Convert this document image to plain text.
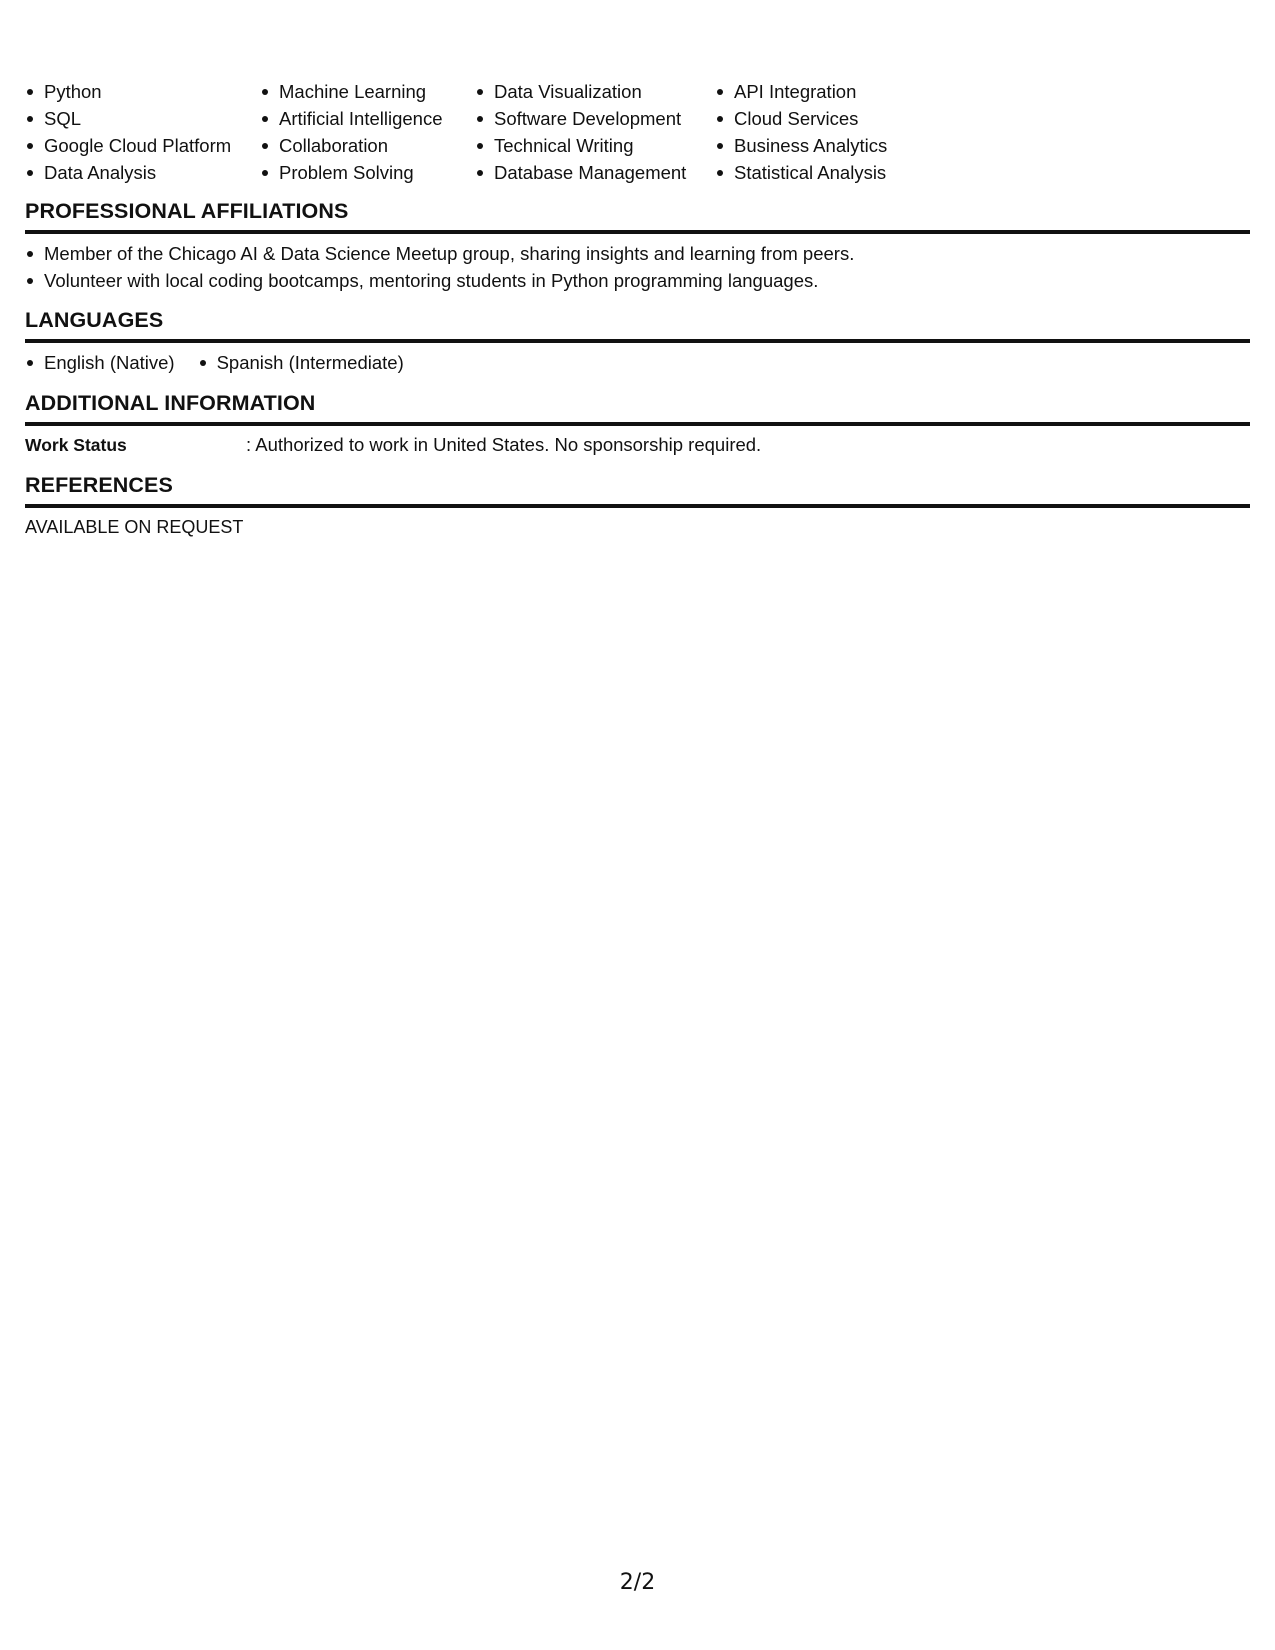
Python
SQL
Google Cloud Platform
Data Analysis
Machine Learning
Artificial Intelligence
Collaboration
Problem Solving
Data Visualization
Software Development
Technical Writing
Database Management
API Integration
Cloud Services
Business Analytics
Statistical Analysis
PROFESSIONAL AFFILIATIONS
Member of the Chicago AI & Data Science Meetup group, sharing insights and learning from peers.
Volunteer with local coding bootcamps, mentoring students in Python programming languages.
LANGUAGES
English (Native)	Spanish (Intermediate)
ADDITIONAL INFORMATION
Work Status	: Authorized to work in United States. No sponsorship required.
REFERENCES
AVAILABLE ON REQUEST
2/2
